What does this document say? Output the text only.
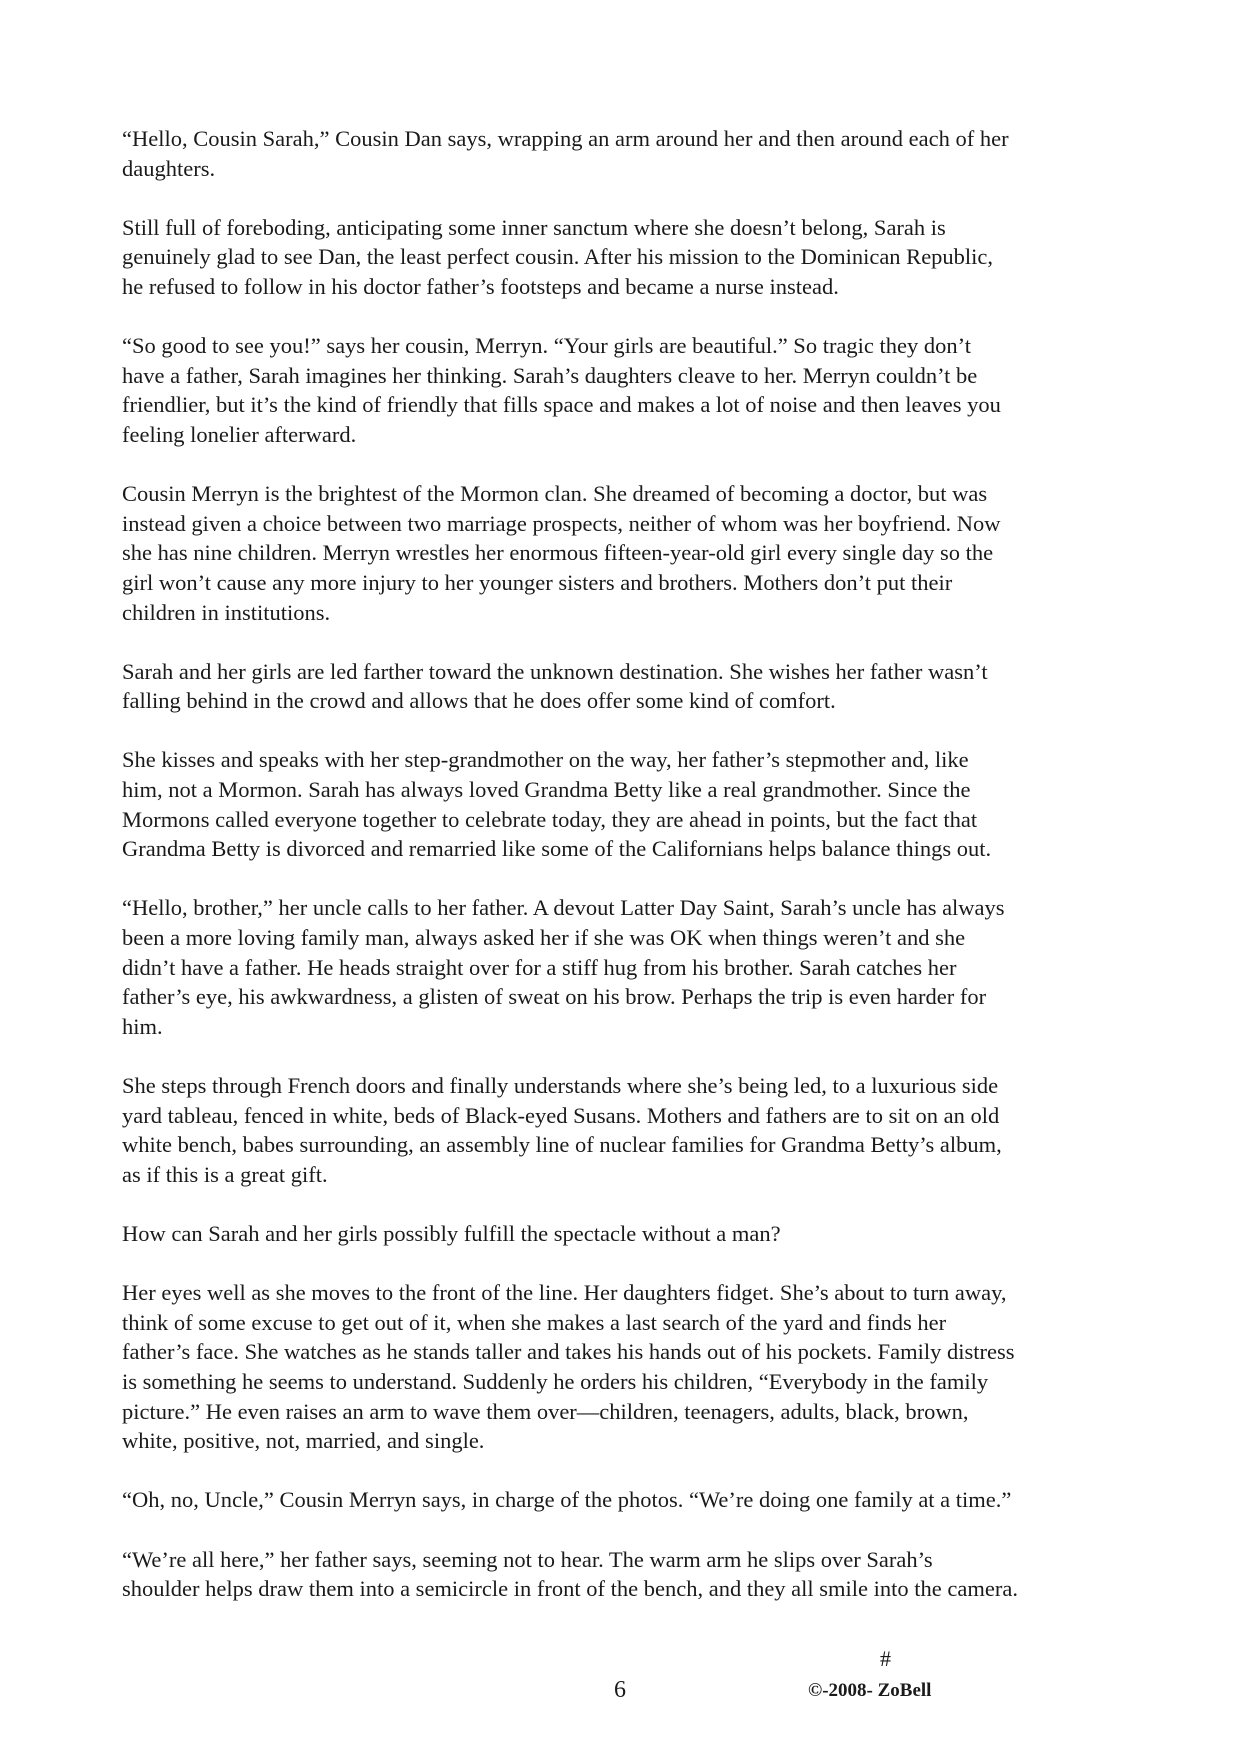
“Hello, Cousin Sarah,” Cousin Dan says, wrapping an arm around her and then around each of her
daughters.

Still full of foreboding, anticipating some inner sanctum where she doesn’t belong, Sarah is
genuinely glad to see Dan, the least perfect cousin. After his mission to the Dominican Republic,
he refused to follow in his doctor father’s footsteps and became a nurse instead.

“So good to see you!” says her cousin, Merryn. “Your girls are beautiful.” So tragic they don’t
have a father, Sarah imagines her thinking. Sarah’s daughters cleave to her. Merryn couldn’t be
friendlier, but it’s the kind of friendly that fills space and makes a lot of noise and then leaves you
feeling lonelier afterward.

Cousin Merryn is the brightest of the Mormon clan. She dreamed of becoming a doctor, but was
instead given a choice between two marriage prospects, neither of whom was her boyfriend. Now
she has nine children. Merryn wrestles her enormous fifteen-year-old girl every single day so the
girl won’t cause any more injury to her younger sisters and brothers. Mothers don’t put their
children in institutions.

Sarah and her girls are led farther toward the unknown destination. She wishes her father wasn’t
falling behind in the crowd and allows that he does offer some kind of comfort.

She kisses and speaks with her step-grandmother on the way, her father’s stepmother and, like
him, not a Mormon. Sarah has always loved Grandma Betty like a real grandmother. Since the
Mormons called everyone together to celebrate today, they are ahead in points, but the fact that
Grandma Betty is divorced and remarried like some of the Californians helps balance things out.

“Hello, brother,” her uncle calls to her father. A devout Latter Day Saint, Sarah’s uncle has always
been a more loving family man, always asked her if she was OK when things weren’t and she
didn’t have a father. He heads straight over for a stiff hug from his brother. Sarah catches her
father’s eye, his awkwardness, a glisten of sweat on his brow. Perhaps the trip is even harder for
him.

She steps through French doors and finally understands where she’s being led, to a luxurious side
yard tableau, fenced in white, beds of Black-eyed Susans. Mothers and fathers are to sit on an old
white bench, babes surrounding, an assembly line of nuclear families for Grandma Betty’s album,
as if this is a great gift.

How can Sarah and her girls possibly fulfill the spectacle without a man?

Her eyes well as she moves to the front of the line. Her daughters fidget. She’s about to turn away,
think of some excuse to get out of it, when she makes a last search of the yard and finds her
father’s face. She watches as he stands taller and takes his hands out of his pockets. Family distress
is something he seems to understand. Suddenly he orders his children, “Everybody in the family
picture.” He even raises an arm to wave them over—children, teenagers, adults, black, brown,
white, positive, not, married, and single.

“Oh, no, Uncle,” Cousin Merryn says, in charge of the photos. “We’re doing one family at a time.”

“We’re all here,” her father says, seeming not to hear. The warm arm he slips over Sarah’s
shoulder helps draw them into a semicircle in front of the bench, and they all smile into the camera.

#
6	©-2008- ZoBell
